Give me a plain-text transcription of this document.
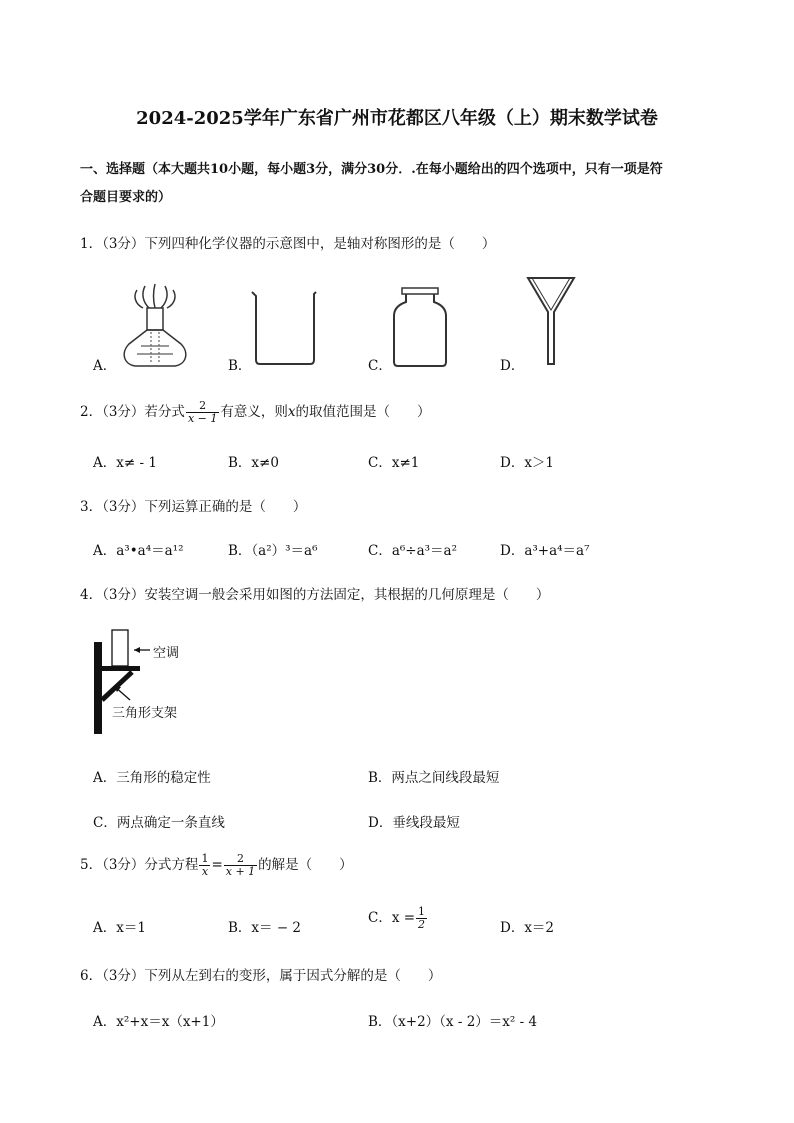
2024-2025学年广东省广州市花都区八年级（上）期末数学试卷
一、选择题（本大题共10小题，每小题3分，满分30分．.在每小题给出的四个选项中，只有一项是符
合题目要求的）
1．（3分）下列四种化学仪器的示意图中，是轴对称图形的是（　　）
A．	B．	C．	D．
2．（3分）若分式 $\frac{2}{x - 1}$ 有意义，则x的取值范围是（　　）
A．x≠ - 1	B．x≠0	C．x≠1	D．x＞1
3．（3分）下列运算正确的是（　　）
A．a³•a⁴＝a¹²	B．（a²）³＝a⁶	C．a⁶÷a³＝a²	D．a³+a⁴＝a⁷
4．（3分）安装空调一般会采用如图的方法固定，其根据的几何原理是（　　）
空调
三角形支架
A．三角形的稳定性	B．两点之间线段最短
C．两点确定一条直线	D．垂线段最短
5．（3分）分式方程 $\frac{1}{x} = \frac{2}{x + 1}$ 的解是（　　）
A．x＝1	B．x＝ − 2
C．$x = \frac{1}{2}$	D．x＝2
6．（3分）下列从左到右的变形，属于因式分解的是（　　）
A．x²+x＝x（x+1）	B．（x+2）（x - 2）＝x² - 4
